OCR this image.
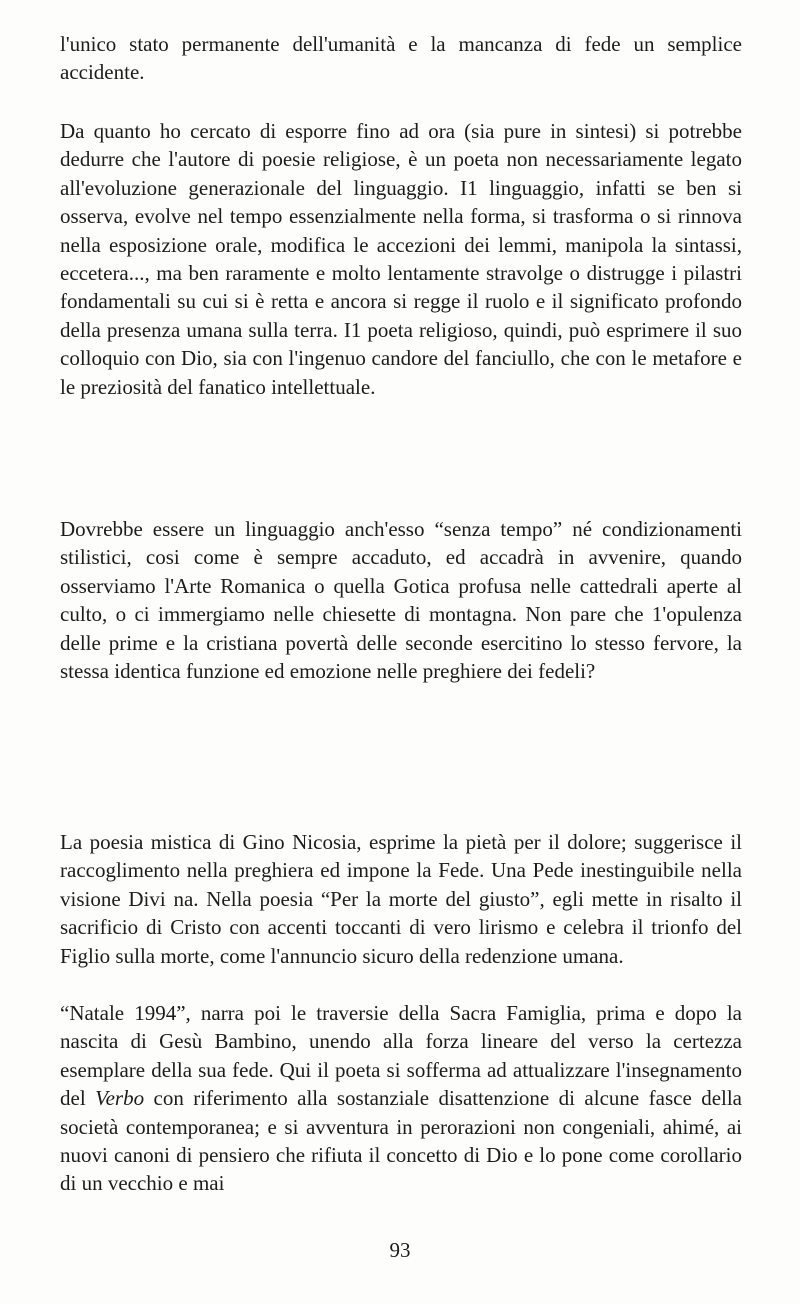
l'unico stato permanente dell'umanità e la mancanza di fede un semplice accidente.

Da quanto ho cercato di esporre fino ad ora (sia pure in sintesi) si potrebbe dedurre che l'autore di poesie religiose, è un poeta non necessariamente legato all'evoluzione generazionale del linguaggio. I1 linguaggio, infatti se ben si osserva, evolve nel tempo essenzialmente nella forma, si trasforma o si rinnova nella esposizione orale, modifica le accezioni dei lemmi, manipola la sintassi, eccetera..., ma ben raramente e molto lentamente stravolge o distrugge i pilastri fondamentali su cui si è retta e ancora si regge il ruolo e il significato profondo della presenza umana sulla terra. I1 poeta religioso, quindi, può esprimere il suo colloquio con Dio, sia con l'ingenuo candore del fanciullo, che con le metafore e le preziosità del fanatico intellettuale.

Dovrebbe essere un linguaggio anch'esso “senza tempo” né condizionamenti stilistici, cosi come è sempre accaduto, ed accadrà in avvenire, quando osserviamo l'Arte Romanica o quella Gotica profusa nelle cattedrali aperte al culto, o ci immergiamo nelle chiesette di montagna. Non pare che 1'opulenza delle prime e la cristiana povertà delle seconde esercitino lo stesso fervore, la stessa identica funzione ed emozione nelle preghiere dei fedeli?

La poesia mistica di Gino Nicosia, esprime la pietà per il dolore; suggerisce il raccoglimento nella preghiera ed impone la Fede. Una Pede inestinguibile nella visione Divi na. Nella poesia “Per la morte del giusto”, egli mette in risalto il sacrificio di Cristo con accenti toccanti di vero lirismo e celebra il trionfo del Figlio sulla morte, come l'annuncio sicuro della redenzione umana.

“Natale 1994”, narra poi le traversie della Sacra Famiglia, prima e dopo la nascita di Gesù Bambino, unendo alla forza lineare del verso la certezza esemplare della sua fede. Qui il poeta si sofferma ad attualizzare l'insegnamento del Verbo con riferimento alla sostanziale disattenzione di alcune fasce della società contemporanea; e si avventura in perorazioni non congeniali, ahimé, ai nuovi canoni di pensiero che rifiuta il concetto di Dio e lo pone come corollario di un vecchio e mai

93
